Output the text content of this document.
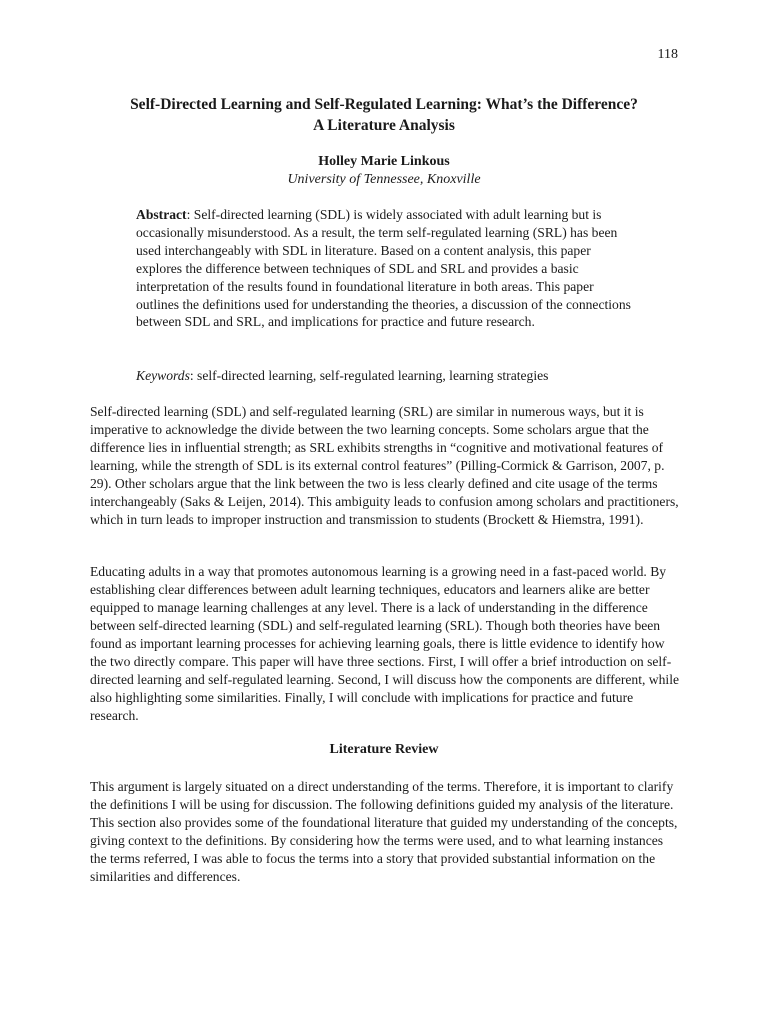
118
Self-Directed Learning and Self-Regulated Learning: What’s the Difference?
A Literature Analysis
Holley Marie Linkous
University of Tennessee, Knoxville
Abstract: Self-directed learning (SDL) is widely associated with adult learning but is occasionally misunderstood. As a result, the term self-regulated learning (SRL) has been used interchangeably with SDL in literature. Based on a content analysis, this paper explores the difference between techniques of SDL and SRL and provides a basic interpretation of the results found in foundational literature in both areas. This paper outlines the definitions used for understanding the theories, a discussion of the connections between SDL and SRL, and implications for practice and future research.
Keywords: self-directed learning, self-regulated learning, learning strategies
Self-directed learning (SDL) and self-regulated learning (SRL) are similar in numerous ways, but it is imperative to acknowledge the divide between the two learning concepts. Some scholars argue that the difference lies in influential strength; as SRL exhibits strengths in “cognitive and motivational features of learning, while the strength of SDL is its external control features” (Pilling-Cormick & Garrison, 2007, p. 29). Other scholars argue that the link between the two is less clearly defined and cite usage of the terms interchangeably (Saks & Leijen, 2014). This ambiguity leads to confusion among scholars and practitioners, which in turn leads to improper instruction and transmission to students (Brockett & Hiemstra, 1991).
Educating adults in a way that promotes autonomous learning is a growing need in a fast-paced world. By establishing clear differences between adult learning techniques, educators and learners alike are better equipped to manage learning challenges at any level. There is a lack of understanding in the difference between self-directed learning (SDL) and self-regulated learning (SRL). Though both theories have been found as important learning processes for achieving learning goals, there is little evidence to identify how the two directly compare. This paper will have three sections. First, I will offer a brief introduction on self-directed learning and self-regulated learning. Second, I will discuss how the components are different, while also highlighting some similarities. Finally, I will conclude with implications for practice and future research.
Literature Review
This argument is largely situated on a direct understanding of the terms. Therefore, it is important to clarify the definitions I will be using for discussion. The following definitions guided my analysis of the literature. This section also provides some of the foundational literature that guided my understanding of the concepts, giving context to the definitions. By considering how the terms were used, and to what learning instances the terms referred, I was able to focus the terms into a story that provided substantial information on the similarities and differences.
